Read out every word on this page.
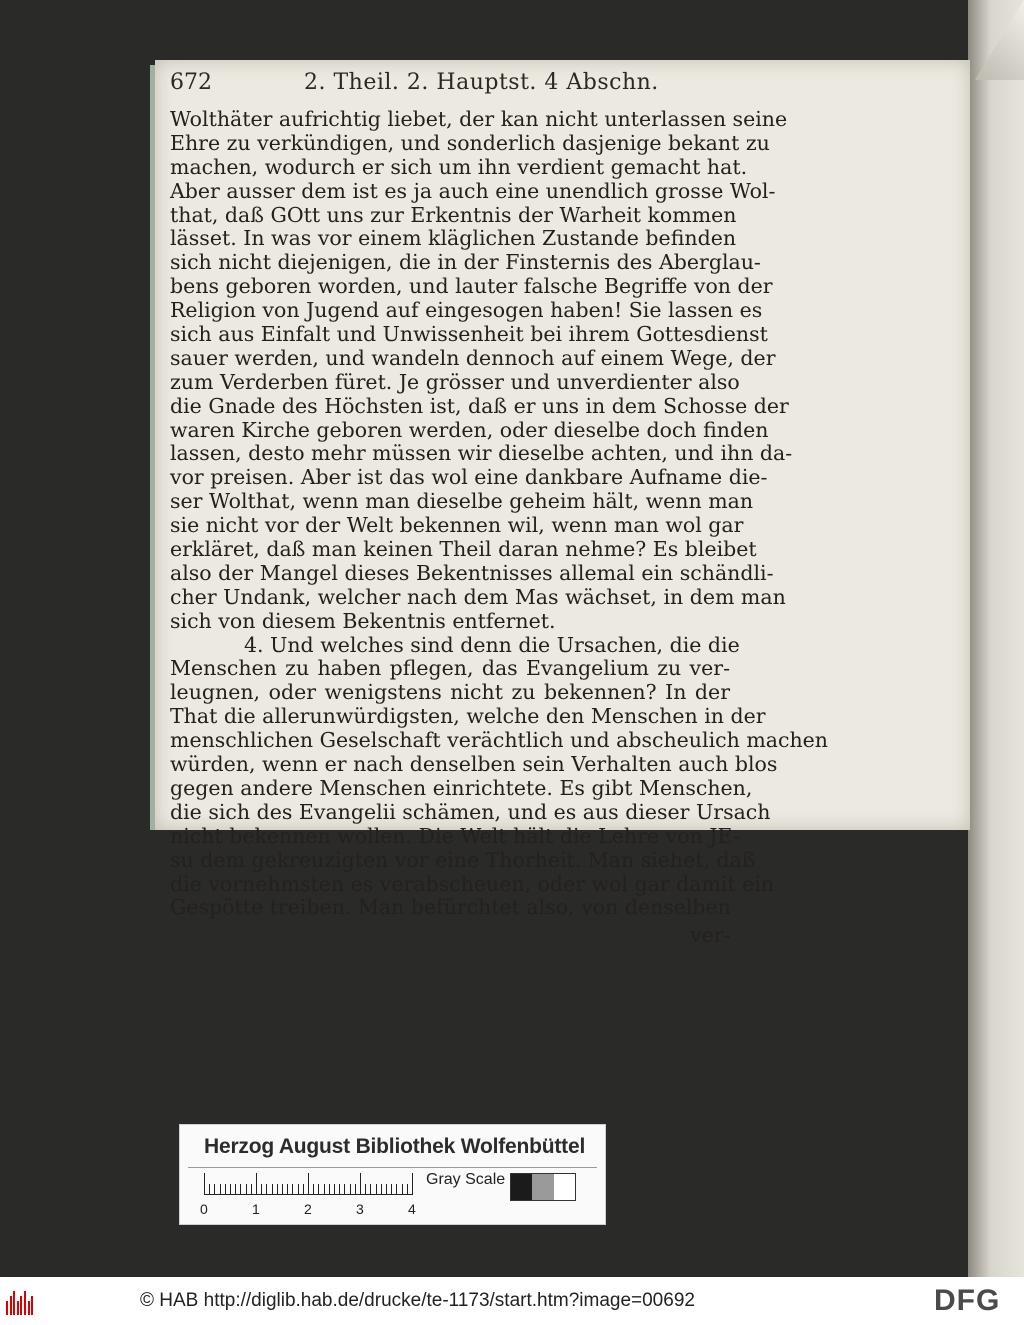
672	2. Theil. 2. Hauptst. 4 Abschn.
Wolthäter aufrichtig liebet, der kan nicht unterlassen seine
Ehre zu verkündigen, und sonderlich dasjenige bekant zu
machen, wodurch er sich um ihn verdient gemacht hat.
Aber ausser dem ist es ja auch eine unendlich grosse Wol-
that, daß GOtt uns zur Erkentnis der Warheit kommen
lässet. In was vor einem kläglichen Zustande befinden
sich nicht diejenigen, die in der Finsternis des Aberglau-
bens geboren worden, und lauter falsche Begriffe von der
Religion von Jugend auf eingesogen haben! Sie lassen es
sich aus Einfalt und Unwissenheit bei ihrem Gottesdienst
sauer werden, und wandeln dennoch auf einem Wege, der
zum Verderben füret. Je grösser und unverdienter also
die Gnade des Höchsten ist, daß er uns in dem Schosse der
waren Kirche geboren werden, oder dieselbe doch finden
lassen, desto mehr müssen wir dieselbe achten, und ihn da-
vor preisen. Aber ist das wol eine dankbare Aufname die-
ser Wolthat, wenn man dieselbe geheim hält, wenn man
sie nicht vor der Welt bekennen wil, wenn man wol gar
erkläret, daß man keinen Theil daran nehme? Es bleibet
also der Mangel dieses Bekentnisses allemal ein schändli-
cher Undank, welcher nach dem Mas wächset, in dem man
sich von diesem Bekentnis entfernet.
4. Und welches sind denn die Ursachen, die die
Menschen zu haben pflegen, das Evangelium zu ver-
leugnen, oder wenigstens nicht zu bekennen? In der
That die allerunwürdigsten, welche den Menschen in der
menschlichen Geselschaft verächtlich und abscheulich machen
würden, wenn er nach denselben sein Verhalten auch blos
gegen andere Menschen einrichtete. Es gibt Menschen,
die sich des Evangelii schämen, und es aus dieser Ursach
nicht bekennen wollen. Die Welt hält die Lehre von JE-
su dem gekreuzigten vor eine Thorheit. Man siehet, daß
die vornehmsten es verabscheuen, oder wol gar damit ein
Gespötte treiben. Man befürchtet also, von denselben
ver-
Herzog August Bibliothek Wolfenbüttel
0	1	2	3	4
Gray Scale
© HAB http://diglib.hab.de/drucke/te-1173/start.htm?image=00692	DFG
